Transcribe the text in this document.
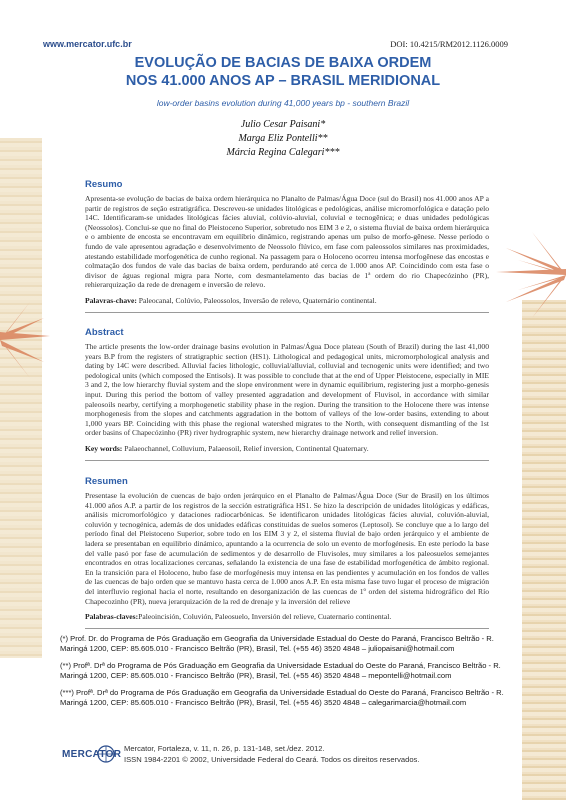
www.mercator.ufc.br	DOI: 10.4215/RM2012.1126.0009
EVOLUÇÃO DE BACIAS DE BAIXA ORDEM
NOS 41.000 ANOS AP – BRASIL MERIDIONAL
low-order basins evolution during 41,000 years bp - southern Brazil
Julio Cesar Paisani*
Marga Eliz Pontelli**
Márcia Regina Calegari***
Resumo
Apresenta-se evolução de bacias de baixa ordem hierárquica no Planalto de Palmas/Água Doce (sul do Brasil) nos 41.000 anos AP a partir de registros de seção estratigráfica. Descreveu-se unidades litológicas e pedológicas, análise micromorfológica e datação pelo 14C. Identificaram-se unidades litológicas fácies aluvial, colúvio-aluvial, coluvial e tecnogênica; e duas unidades pedológicas (Neossolos). Conclui-se que no final do Pleistoceno Superior, sobretudo nos EIM 3 e 2, o sistema fluvial de baixa ordem hierárquica e o ambiente de encosta se encontravam em equilíbrio dinâmico, registrando apenas um pulso de morfo-gênese. Nesse período o fundo de vale apresentou agradação e desenvolvimento de Neossolo flúvico, em fase com paleossolos similares nas proximidades, atestando estabilidade morfogenética de cunho regional. Na passagem para o Holoceno ocorreu intensa morfogênese das encostas e colmatação dos fundos de vale das bacias de baixa ordem, perdurando até cerca de 1.000 anos AP. Coincidindo com esta fase o divisor de águas regional migra para Norte, com desmantelamento das bacias de 1ª ordem do rio Chapecózinho (PR), rehierarquização da rede de drenagem e inversão de relevo.
Palavras-chave: Paleocanal, Colúvio, Paleossolos, Inversão de relevo, Quaternário continental.
Abstract
The article presents the low-order drainage basins evolution in Palmas/Água Doce plateau (South of Brazil) during the last 41,000 years B.P from the registers of stratigraphic section (HS1). Lithological and pedagogical units, micromorphological analysis and dating by 14C were described. Alluvial facies lithologic, colluvial/alluvial, colluvial and tecnogenic units were identified; and two pedological units (which composed the Entisols). It was possible to conclude that at the end of Upper Pleistocene, especially in MIE 3 and 2, the low hierarchy fluvial system and the slope environment were in dynamic equilibrium, registering just a morpho-genesis input. During this period the bottom of valley presented aggradation and development of Fluvisol, in accordance with similar paleosoils nearby, certifying a morphogenetic stability phase in the region. During the transition to the Holocene there was intense morphogenesis from the slopes and catchments aggradation in the bottom of valleys of the low-order basins, extending to about 1,000 years BP. Coinciding with this phase the regional watershed migrates to the North, with consequent dismantling of the 1st order basins of Chapecózinho (PR) river hydrographic system, new hierarchy drainage network and relief inversion.
Key words: Palaeochannel, Colluvium, Palaeosoil, Relief inversion, Continental Quaternary.
Resumen
Presentase la evolución de cuencas de bajo orden jerárquico en el Planalto de Palmas/Água Doce (Sur de Brasil) en los últimos 41.000 años A.P. a partir de los registros de la sección estratigráfica HS1. Se hizo la descripción de unidades litológicas y edáficas, análisis micromorfológico y dataciones radiocarbónicas. Se identificaron unidades litológicas fácies aluvial, coluvión-aluvial, coluvión y tecnogénica, además de dos unidades edáficas constituidas de suelos someros (Leptosol). Se concluye que a lo largo del período final del Pleistoceno Superior, sobre todo en los EIM 3 y 2, el sistema fluvial de bajo orden jerárquico y el ambiente de ladera se presentaban en equilibrio dinámico, apuntando a la ocurrencia de solo un evento de morfogénesis. En este período la base del valle pasó por fase de acumulación de sedimentos y de desarrollo de Fluvisoles, muy similares a los paleosuelos semejantes encontrados en otras localizaciones cercanas, señalando la existencia de una fase de estabilidad morfogenética de ámbito regional. En la transición para el Holoceno, hubo fase de morfogénesis muy intensa en las pendientes y acumulación en los fondos de valles de las cuencas de bajo orden que se mantuvo hasta cerca de 1.000 anos A.P. En esta misma fase tuvo lugar el proceso de migración del interfluvio regional hacia el norte, resultando en desorganización de las cuencas de 1º orden del sistema hidrográfico del Río Chapecozinho (PR), nueva jerarquización de la red de drenaje y la inversión del relieve
Palabras-claves:Paleoincisión, Coluvión, Paleosuelo, Inversión del relieve, Cuaternario continental.
(*) Prof. Dr. do Programa de Pós Graduação em Geografia da Universidade Estadual do Oeste do Paraná, Francisco Beltrão - R. Maringá 1200, CEP: 85.605.010 - Francisco Beltrão (PR), Brasil, Tel. (+55 46) 3520 4848 – juliopaisani@hotmail.com
(**) Profª. Drª do Programa de Pós Graduação em Geografia da Universidade Estadual do Oeste do Paraná, Francisco Beltrão - R. Maringá 1200, CEP: 85.605.010 - Francisco Beltrão (PR), Brasil, Tel. (+55 46) 3520 4848 – mepontelli@hotmail.com
(***) Profª. Drª do Programa de Pós Graduação em Geografia da Universidade Estadual do Oeste do Paraná, Francisco Beltrão - R. Maringá 1200, CEP: 85.605.010 - Francisco Beltrão (PR), Brasil, Tel. (+55 46) 3520 4848 – calegarimarcia@hotmail.com
MERCATOR
Mercator, Fortaleza, v. 11, n. 26, p. 131-148, set./dez. 2012.
ISSN 1984-2201 © 2002, Universidade Federal do Ceará. Todos os direitos reservados.
